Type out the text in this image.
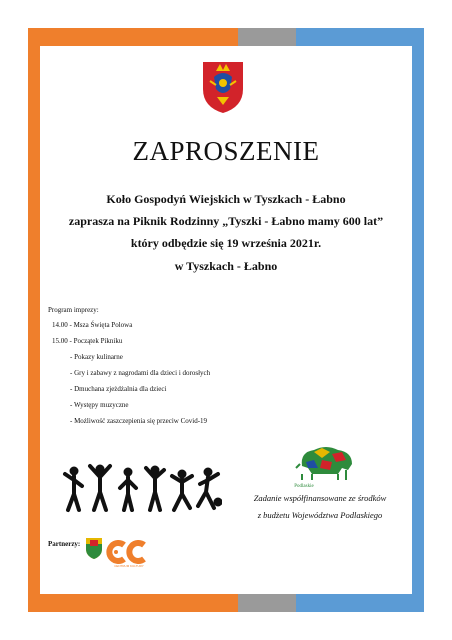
ZAPROSZENIE
Koło Gospodyń Wiejskich w Tyszkach - Łabno
zaprasza na Piknik Rodzinny „Tyszki - Łabno mamy 600 lat”
który odbędzie się 19 września 2021r.
w Tyszkach - Łabno
Program imprezy:
14.00 - Msza Święta Polowa
15.00 - Początek Pikniku
- Pokazy kulinarne
- Gry i zabawy z nagrodami dla dzieci i dorosłych
- Dmuchana zjeżdżalnia dla dzieci
- Występy muzyczne
- Możliwość zaszczepienia się przeciw Covid-19
Podlaskie
Zadanie współfinansowane ze środków
z budżetu Województwa Podlaskiego
Partnerzy:
CENTRUM KULTURY
